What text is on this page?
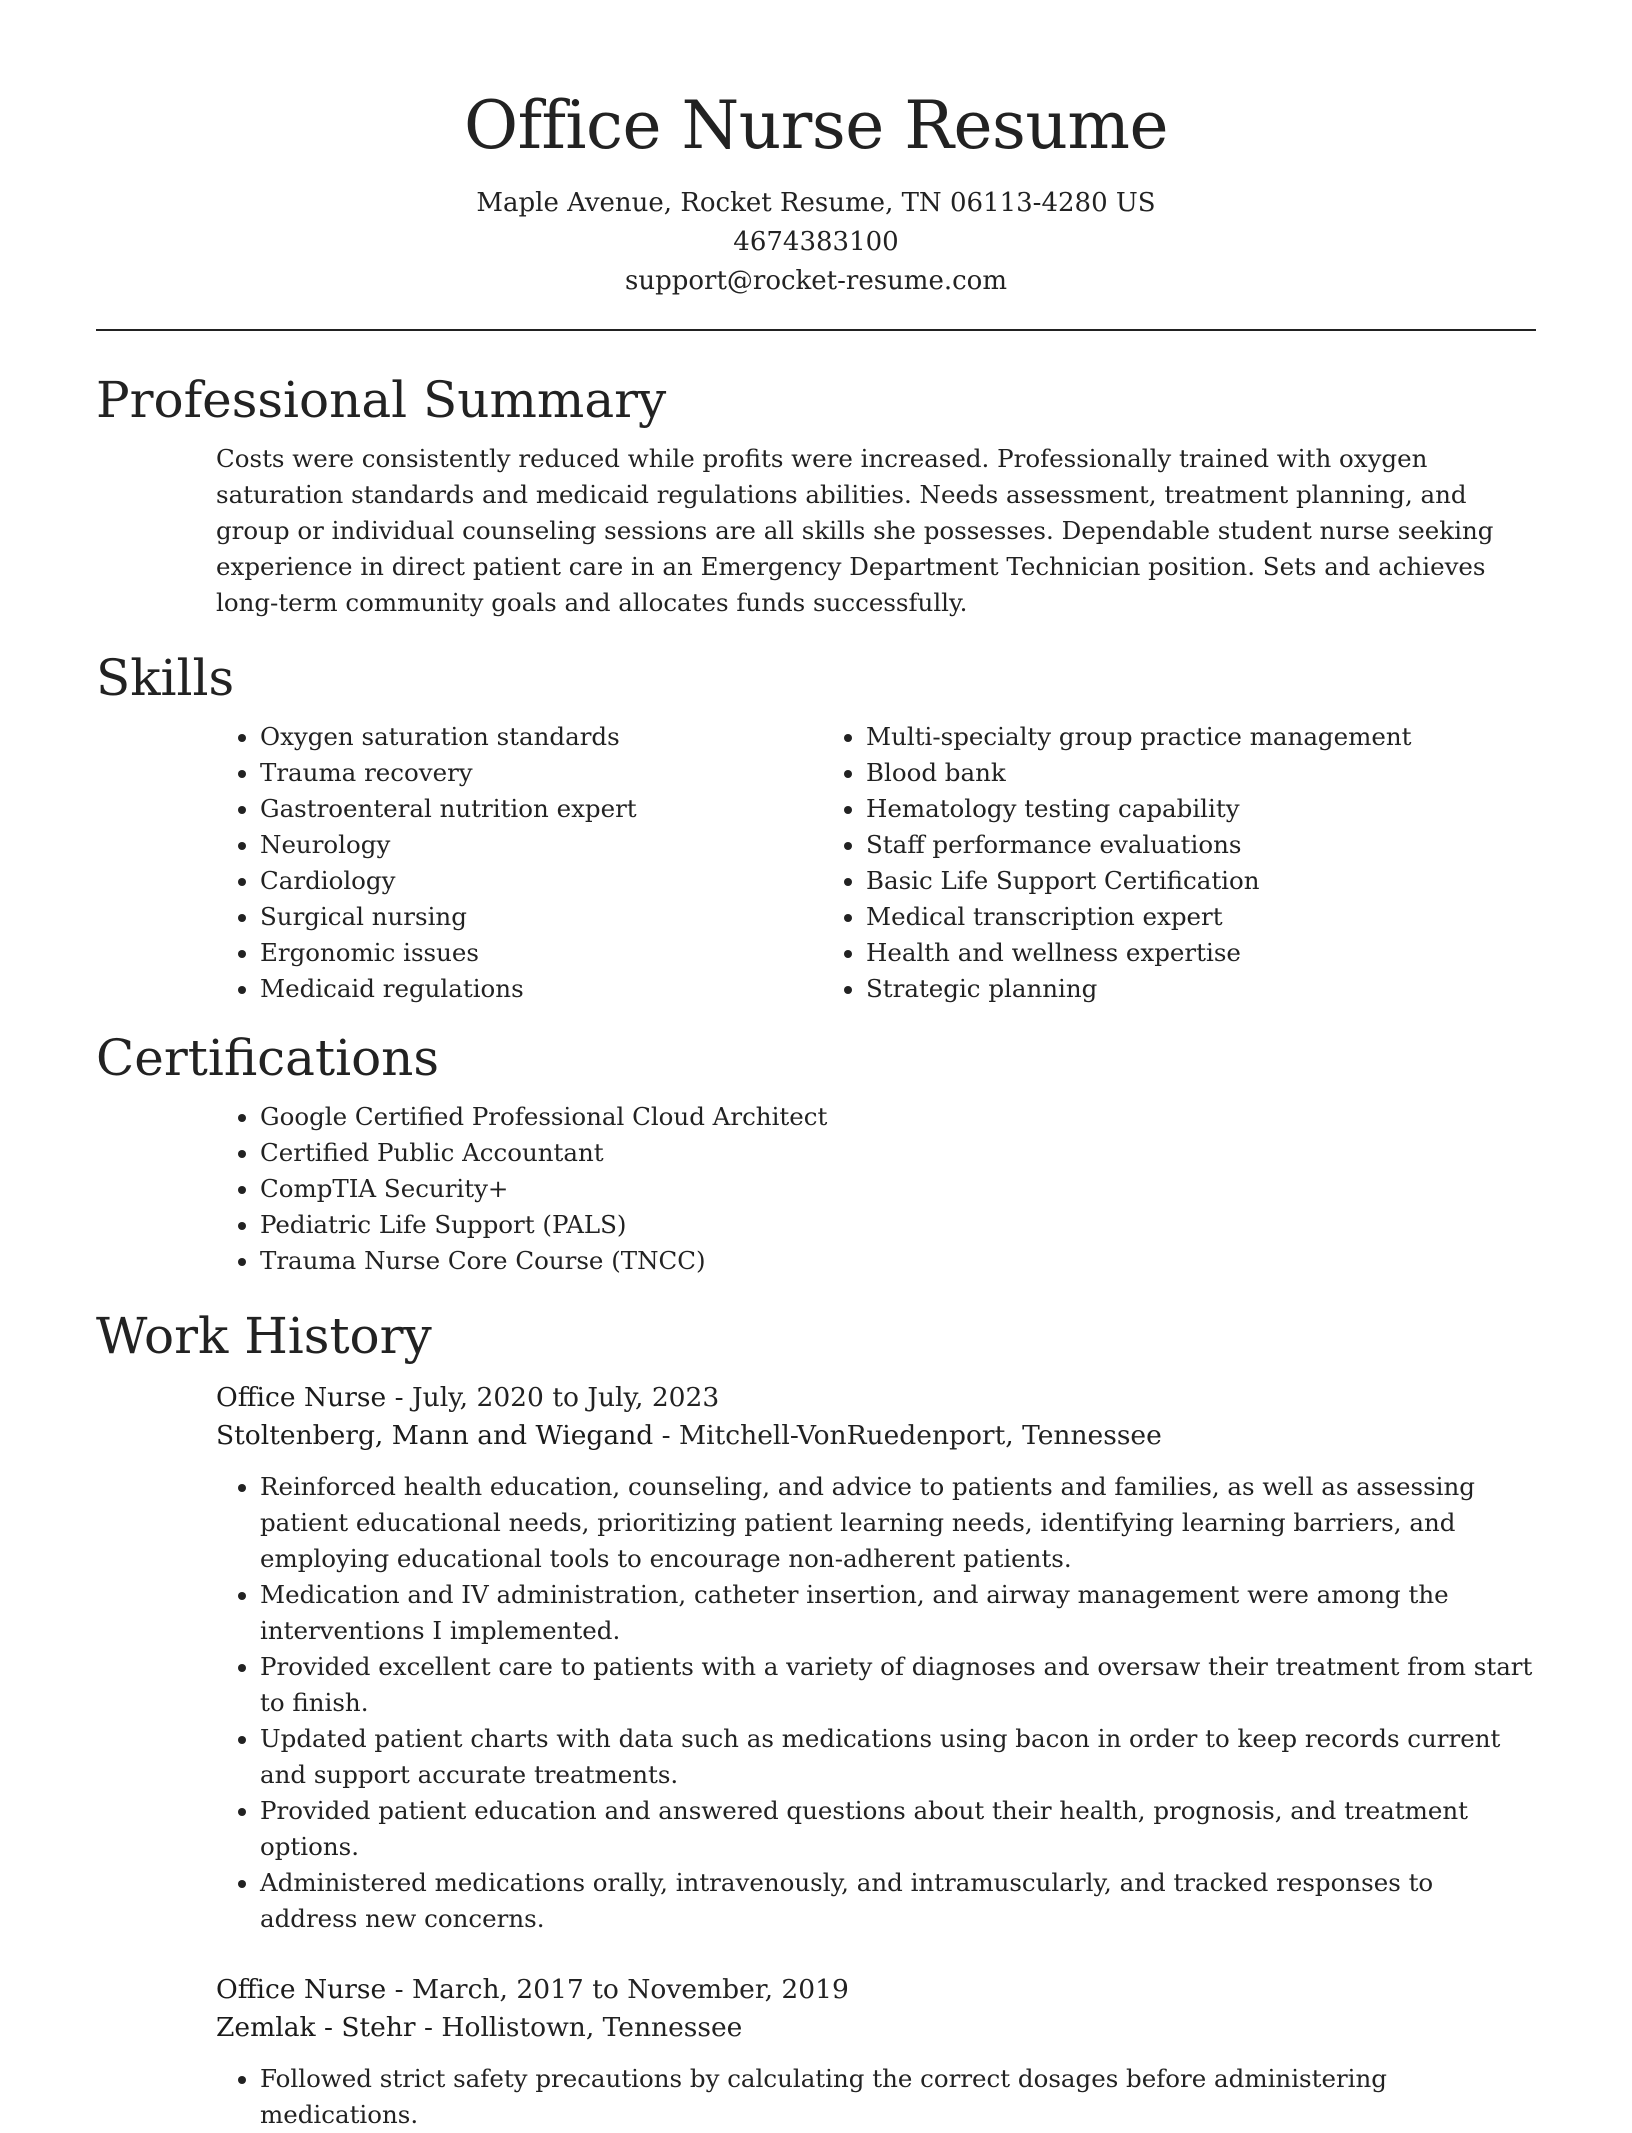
Office Nurse Resume
Maple Avenue, Rocket Resume, TN 06113-4280 US
4674383100
support@rocket-resume.com
Professional Summary

Costs were consistently reduced while profits were increased. Professionally trained with oxygen saturation standards and medicaid regulations abilities. Needs assessment, treatment planning, and group or individual counseling sessions are all skills she possesses. Dependable student nurse seeking experience in direct patient care in an Emergency Department Technician position. Sets and achieves long-term community goals and allocates funds successfully.

Skills
• Oxygen saturation standards
• Trauma recovery
• Gastroenteral nutrition expert
• Neurology
• Cardiology
• Surgical nursing
• Ergonomic issues
• Medicaid regulations
• Multi-specialty group practice management
• Blood bank
• Hematology testing capability
• Staff performance evaluations
• Basic Life Support Certification
• Medical transcription expert
• Health and wellness expertise
• Strategic planning
Certifications
• Google Certified Professional Cloud Architect
• Certified Public Accountant
• CompTIA Security+
• Pediatric Life Support (PALS)
• Trauma Nurse Core Course (TNCC)
Work History
Office Nurse - July, 2020 to July, 2023
Stoltenberg, Mann and Wiegand - Mitchell-VonRuedenport, Tennessee
• Reinforced health education, counseling, and advice to patients and families, as well as assessing patient educational needs, prioritizing patient learning needs, identifying learning barriers, and employing educational tools to encourage non-adherent patients.
• Medication and IV administration, catheter insertion, and airway management were among the interventions I implemented.
• Provided excellent care to patients with a variety of diagnoses and oversaw their treatment from start to finish.
• Updated patient charts with data such as medications using bacon in order to keep records current and support accurate treatments.
• Provided patient education and answered questions about their health, prognosis, and treatment options.
• Administered medications orally, intravenously, and intramuscularly, and tracked responses to address new concerns.
Office Nurse - March, 2017 to November, 2019
Zemlak - Stehr - Hollistown, Tennessee
• Followed strict safety precautions by calculating the correct dosages before administering medications.
